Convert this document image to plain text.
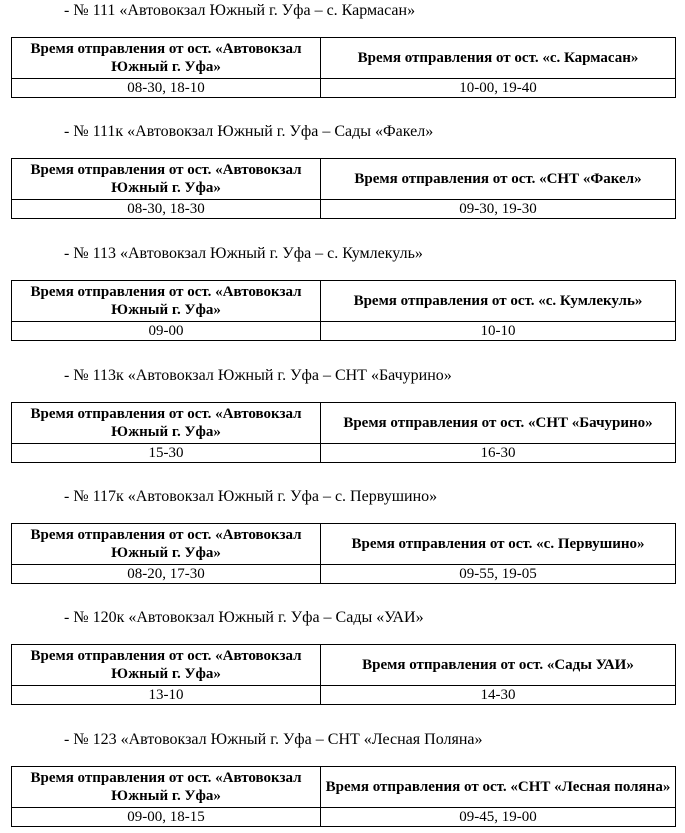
- № 111 «Автовокзал Южный г. Уфа – с. Кармасан»
Время отправления от ост. «Автовокзал Южный г. Уфа»	Время отправления от ост. «с. Кармасан»
08-30, 18-10	10-00, 19-40
- № 111к «Автовокзал Южный г. Уфа – Сады «Факел»
Время отправления от ост. «Автовокзал Южный г. Уфа»	Время отправления от ост. «СНТ «Факел»
08-30, 18-30	09-30, 19-30
- № 113 «Автовокзал Южный г. Уфа – с. Кумлекуль»
Время отправления от ост. «Автовокзал Южный г. Уфа»	Время отправления от ост. «с. Кумлекуль»
09-00	10-10
- № 113к «Автовокзал Южный г. Уфа – СНТ «Бачурино»
Время отправления от ост. «Автовокзал Южный г. Уфа»	Время отправления от ост. «СНТ «Бачурино»
15-30	16-30
- № 117к «Автовокзал Южный г. Уфа – с. Первушино»
Время отправления от ост. «Автовокзал Южный г. Уфа»	Время отправления от ост. «с. Первушино»
08-20, 17-30	09-55, 19-05
- № 120к «Автовокзал Южный г. Уфа – Сады «УАИ»
Время отправления от ост. «Автовокзал Южный г. Уфа»	Время отправления от ост. «Сады УАИ»
13-10	14-30
- № 123 «Автовокзал Южный г. Уфа – СНТ «Лесная Поляна»
Время отправления от ост. «Автовокзал Южный г. Уфа»	Время отправления от ост. «СНТ «Лесная поляна»
09-00, 18-15	09-45, 19-00
